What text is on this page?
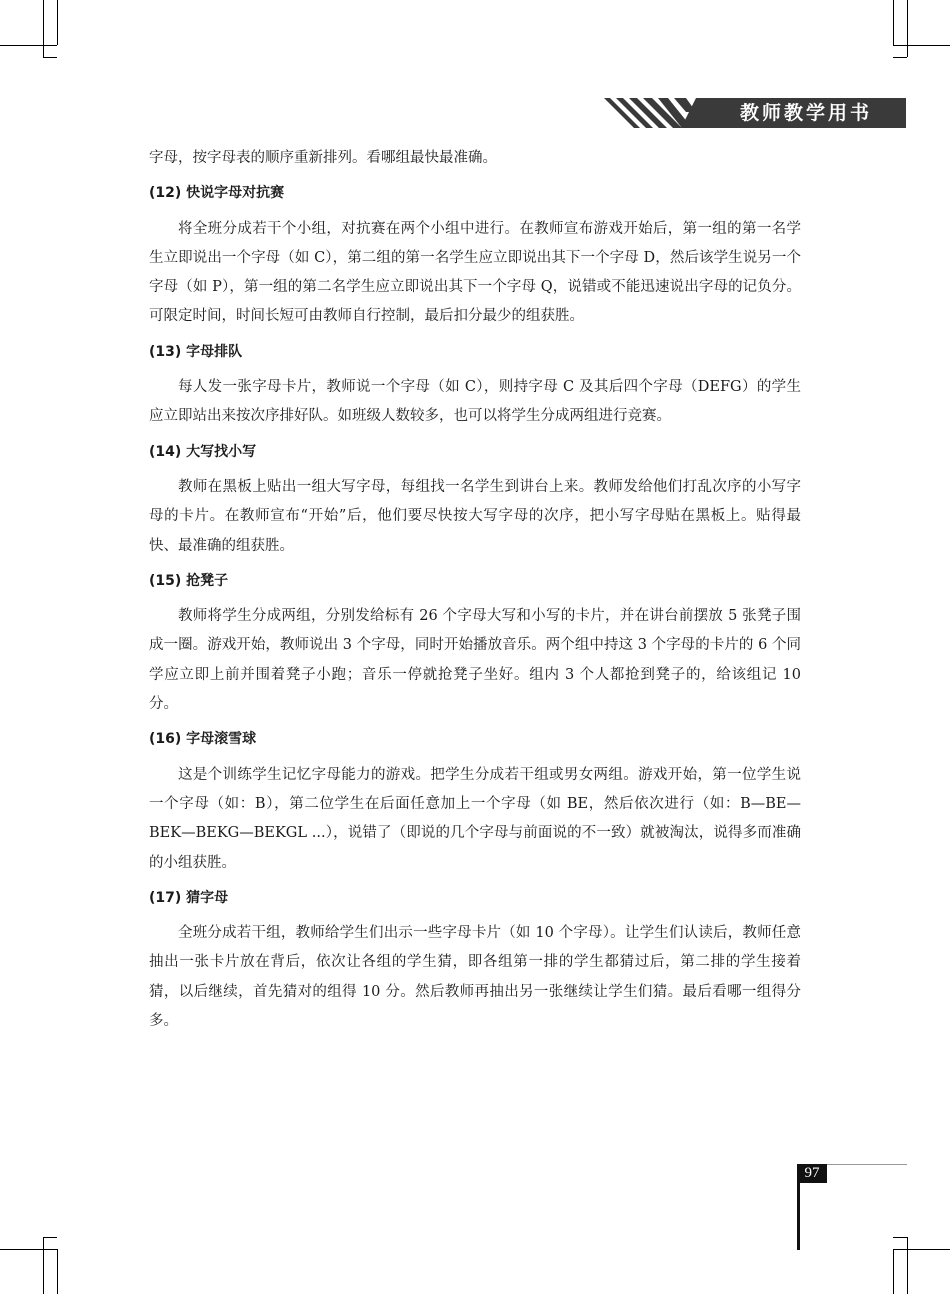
教师教学用书

字母，按字母表的顺序重新排列。看哪组最快最准确。

(12) 快说字母对抗赛

将全班分成若干个小组，对抗赛在两个小组中进行。在教师宣布游戏开始后，第一组的第一名学生立即说出一个字母（如 C），第二组的第一名学生应立即说出其下一个字母 D，然后该学生说另一个字母（如 P），第一组的第二名学生应立即说出其下一个字母 Q，说错或不能迅速说出字母的记负分。可限定时间，时间长短可由教师自行控制，最后扣分最少的组获胜。

(13) 字母排队

每人发一张字母卡片，教师说一个字母（如 C），则持字母 C 及其后四个字母（DEFG）的学生应立即站出来按次序排好队。如班级人数较多，也可以将学生分成两组进行竞赛。

(14) 大写找小写

教师在黑板上贴出一组大写字母，每组找一名学生到讲台上来。教师发给他们打乱次序的小写字母的卡片。在教师宣布“开始”后，他们要尽快按大写字母的次序，把小写字母贴在黑板上。贴得最快、最准确的组获胜。

(15) 抢凳子

教师将学生分成两组，分别发给标有 26 个字母大写和小写的卡片，并在讲台前摆放 5 张凳子围成一圈。游戏开始，教师说出 3 个字母，同时开始播放音乐。两个组中持这 3 个字母的卡片的 6 个同学应立即上前并围着凳子小跑；音乐一停就抢凳子坐好。组内 3 个人都抢到凳子的，给该组记 10 分。

(16) 字母滚雪球

这是个训练学生记忆字母能力的游戏。把学生分成若干组或男女两组。游戏开始，第一位学生说一个字母（如：B），第二位学生在后面任意加上一个字母（如 BE，然后依次进行（如：B—BE—BEK—BEKG—BEKGL ...），说错了（即说的几个字母与前面说的不一致）就被淘汰，说得多而准确的小组获胜。

(17) 猜字母

全班分成若干组，教师给学生们出示一些字母卡片（如 10 个字母）。让学生们认读后，教师任意抽出一张卡片放在背后，依次让各组的学生猜，即各组第一排的学生都猜过后，第二排的学生接着猜，以后继续，首先猜对的组得 10 分。然后教师再抽出另一张继续让学生们猜。最后看哪一组得分多。

97
